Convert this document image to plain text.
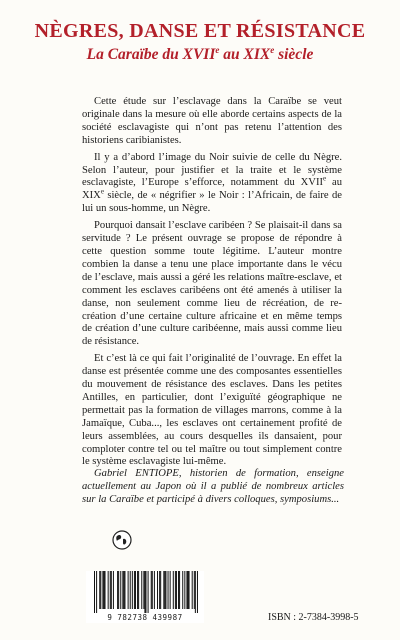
NÈGRES, DANSE ET RÉSISTANCE
La Caraïbe du XVIIe au XIXe siècle

Cette étude sur l’esclavage dans la Caraïbe se veut originale dans la mesure où elle aborde certains aspects de la société esclavagiste qui n’ont pas retenu l’attention des historiens caribianistes.

Il y a d’abord l’image du Noir suivie de celle du Nègre. Selon l’auteur, pour justifier et la traite et le système esclavagiste, l’Europe s’efforce, notamment du XVIIe au XIXe siècle, de « négrifier » le Noir : l’Africain, de faire de lui un sous-homme, un Nègre.

Pourquoi dansait l’esclave caribéen ? Se plaisait-il dans sa servitude ? Le présent ouvrage se propose de répondre à cette question somme toute légitime. L’auteur montre combien la danse a tenu une place importante dans le vécu de l’esclave, mais aussi a géré les relations maître-esclave, et comment les esclaves caribéens ont été amenés à utiliser la danse, non seulement comme lieu de récréation, de re-création d’une certaine culture africaine et en même temps de création d’une culture caribéenne, mais aussi comme lieu de résistance.

Et c’est là ce qui fait l’originalité de l’ouvrage. En effet la danse est présentée comme une des composantes essentielles du mouvement de résistance des esclaves. Dans les petites Antilles, en particulier, dont l’exiguïté géographique ne permettait pas la formation de villages marrons, comme à la Jamaïque, Cuba..., les esclaves ont certainement profité de leurs assemblées, au cours desquelles ils dansaient, pour comploter contre tel ou tel maître ou tout simplement contre le système esclavagiste lui-même.

Gabriel ENTIOPE, historien de formation, enseigne actuellement au Japon où il a publié de nombreux articles sur la Caraïbe et participé à divers colloques, symposiums...

9 782738 439987	ISBN : 2-7384-3998-5
